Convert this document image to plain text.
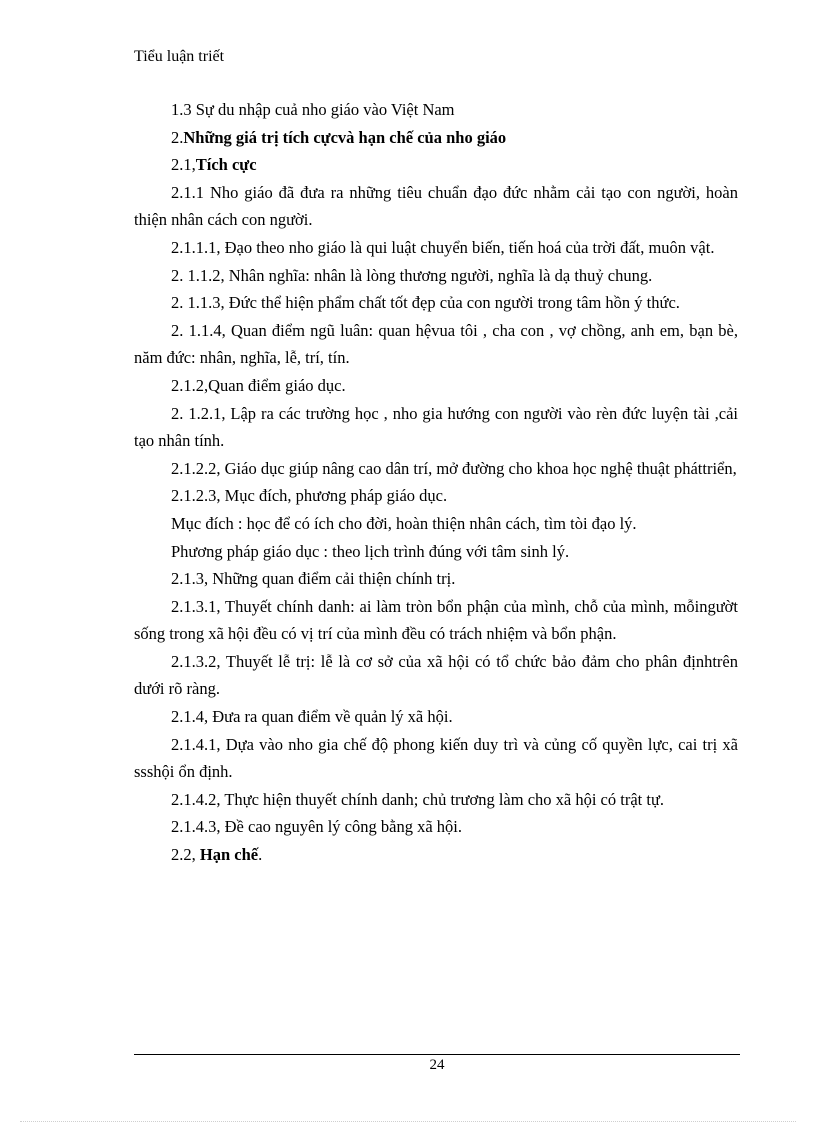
Tiểu luận triết

1.3 Sự du nhập cuả nho giáo vào Việt Nam

2.Những giá trị tích cựcvà hạn chế của nho giáo

2.1,Tích cực

2.1.1 Nho giáo đã đưa ra những tiêu chuẩn đạo đức nhằm cải tạo con người, hoàn thiện nhân cách con người.

2.1.1.1, Đạo theo nho giáo là qui luật chuyển biến, tiến hoá của trời đất, muôn vật.

2. 1.1.2, Nhân nghĩa: nhân là lòng thương người, nghĩa là dạ thuỷ chung.

2. 1.1.3, Đức thể hiện phẩm chất tốt đẹp của con người trong tâm hồn ý thức.

2. 1.1.4, Quan điểm ngũ luân: quan hệvua tôi , cha con , vợ chồng, anh em, bạn bè, năm đức: nhân, nghĩa, lễ, trí, tín.

2.1.2,Quan điểm giáo dục.

2. 1.2.1, Lập ra các trường học , nho gia hướng con người vào rèn đức luyện tài ,cải tạo nhân tính.

2.1.2.2, Giáo dục giúp nâng cao dân trí, mở đường cho khoa học nghệ thuật pháttriển,

2.1.2.3, Mục đích, phương pháp giáo dục.

Mục đích : học để có ích cho đời, hoàn thiện nhân cách, tìm tòi đạo lý.

Phương pháp giáo dục : theo lịch trình đúng với tâm sinh lý.

2.1.3, Những quan điểm cải thiện chính trị.

2.1.3.1, Thuyết chính danh: ai làm tròn bổn phận của mình, chỗ của mình, mỗingườt sống trong xã hội đều có vị trí của mình đều có trách nhiệm và bổn phận.

2.1.3.2, Thuyết lễ trị: lễ là cơ sở của xã hội có tổ chức bảo đảm cho phân địnhtrên dưới rõ ràng.

2.1.4, Đưa ra quan điểm về quản lý xã hội.

2.1.4.1, Dựa vào nho gia chế độ phong kiến duy trì và củng cố quyền lực, cai trị xã ssshội ổn định.

2.1.4.2, Thực hiện thuyết chính danh; chủ trương làm cho xã hội có trật tự.

2.1.4.3, Đề cao nguyên lý công bằng xã hội.

2.2, Hạn chế.

24
